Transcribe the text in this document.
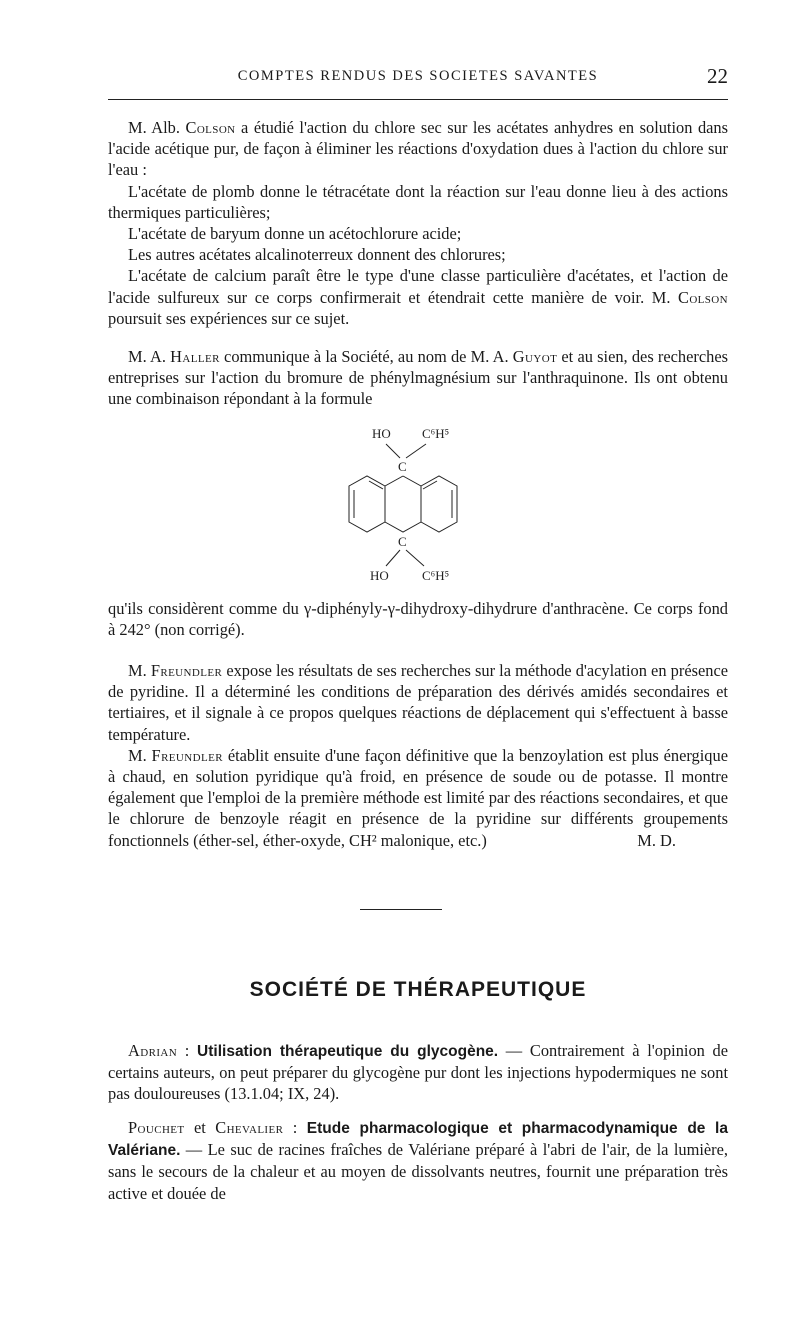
COMPTES RENDUS DES SOCIETES SAVANTES	22

M. Alb. Colson a étudié l'action du chlore sec sur les acétates anhydres en solution dans l'acide acétique pur, de façon à éliminer les réactions d'oxydation dues à l'action du chlore sur l'eau :

L'acétate de plomb donne le tétracétate dont la réaction sur l'eau donne lieu à des actions thermiques particulières;

L'acétate de baryum donne un acétochlorure acide;

Les autres acétates alcalinoterreux donnent des chlorures;

L'acétate de calcium paraît être le type d'une classe particulière d'acétates, et l'action de l'acide sulfureux sur ce corps confirmerait et étendrait cette manière de voir. M. Colson poursuit ses expériences sur ce sujet.

M. A. Haller communique à la Société, au nom de M. A. Guyot et au sien, des recherches entreprises sur l'action du bromure de phénylmagnésium sur l'anthraquinone. Ils ont obtenu une combinaison répondant à la formule

HO C⁶H⁵
C
C
HO	C⁶H⁵

qu'ils considèrent comme du γ-diphényly-γ-dihydroxy-dihydrure d'anthracène. Ce corps fond à 242° (non corrigé).

M. Freundler expose les résultats de ses recherches sur la méthode d'acylation en présence de pyridine. Il a déterminé les conditions de préparation des dérivés amidés secondaires et tertiaires, et il signale à ce propos quelques réactions de déplacement qui s'effectuent à basse température.

M. Freundler établit ensuite d'une façon définitive que la benzoylation est plus énergique à chaud, en solution pyridique qu'à froid, en présence de soude ou de potasse. Il montre également que l'emploi de la première méthode est limité par des réactions secondaires, et que le chlorure de benzoyle réagit en présence de la pyridine sur différents groupements fonctionnels (éther-sel, éther-oxyde, CH² malonique, etc.)	M. D.

SOCIÉTÉ DE THÉRAPEUTIQUE

Adrian : Utilisation thérapeutique du glycogène. — Contrairement à l'opinion de certains auteurs, on peut préparer du glycogène pur dont les injections hypodermiques ne sont pas douloureuses (13.1.04; IX, 24).

Pouchet et Chevalier : Etude pharmacologique et pharmacodynamique de la Valériane. — Le suc de racines fraîches de Valériane préparé à l'abri de l'air, de la lumière, sans le secours de la chaleur et au moyen de dissolvants neutres, fournit une préparation très active et douée de
